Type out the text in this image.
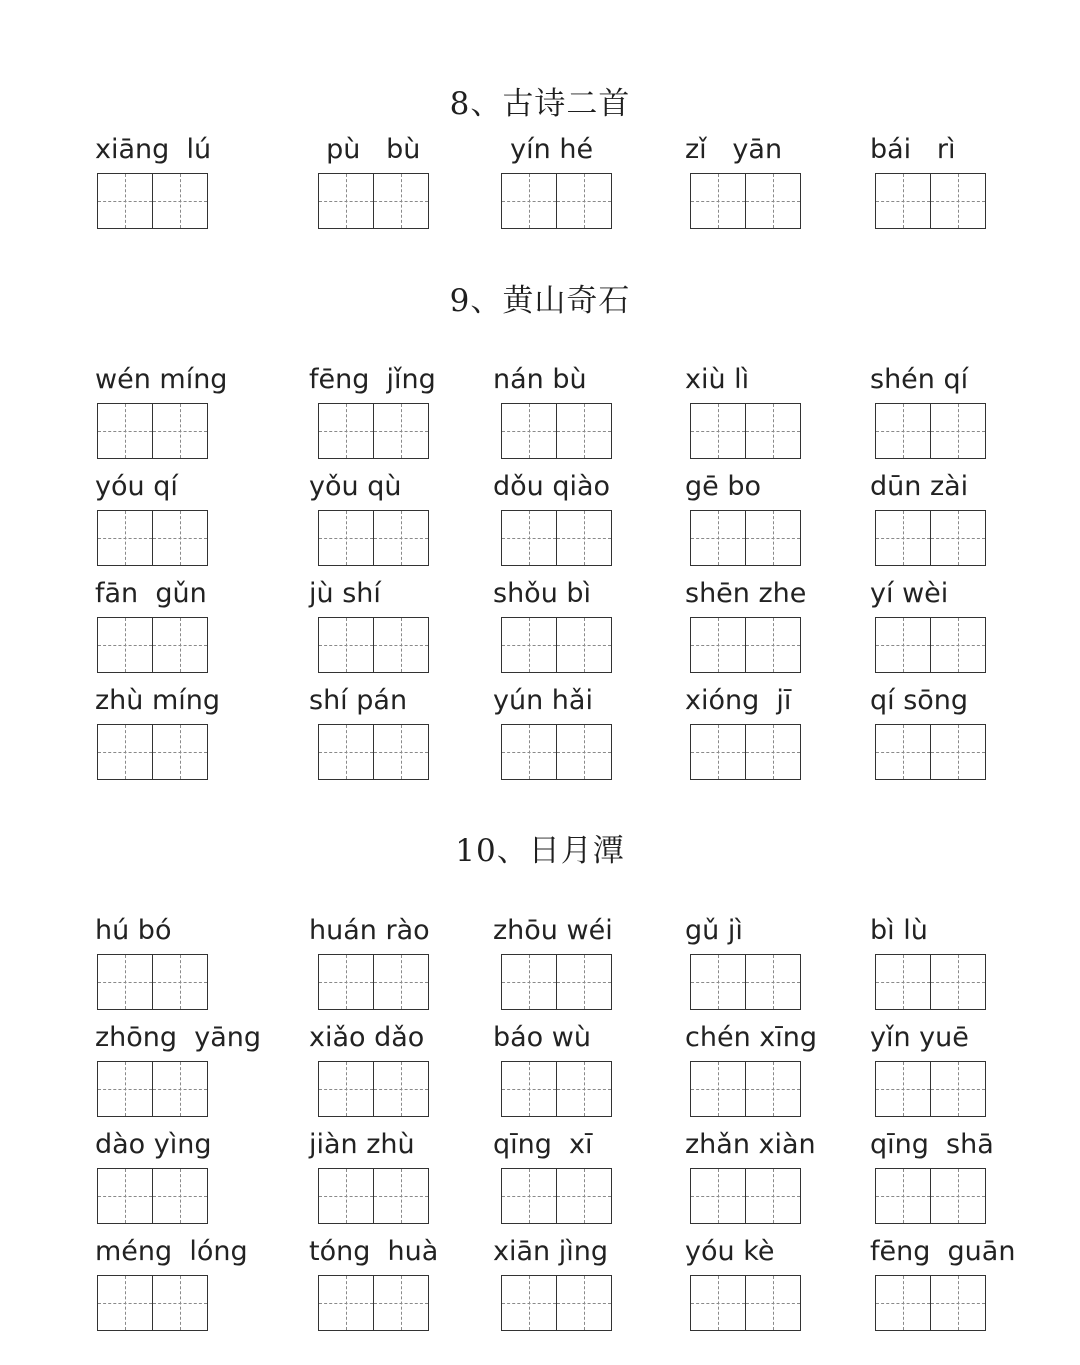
8、古诗二首
xiāng  lú	pù   bù	yín hé	zǐ   yān	bái   rì
9、黄山奇石
wén míng	fēng  jǐng	nán bù	xiù lì	shén qí
yóu qí	yǒu qù	dǒu qiào	gē bo	dūn zài
fān  gǔn	jù shí	shǒu bì	shēn zhe	yí wèi
zhù míng	shí pán	yún hǎi	xióng  jī	qí sōng
10、日月潭
hú bó	huán rào	zhōu wéi	gǔ jì	bì lù
zhōng  yāng	xiǎo dǎo	báo wù	chén xīng	yǐn yuē
dào yìng	jiàn zhù	qīng  xī	zhǎn xiàn	qīng  shā
méng  lóng	tóng  huà	xiān jìng	yóu kè	fēng  guān
